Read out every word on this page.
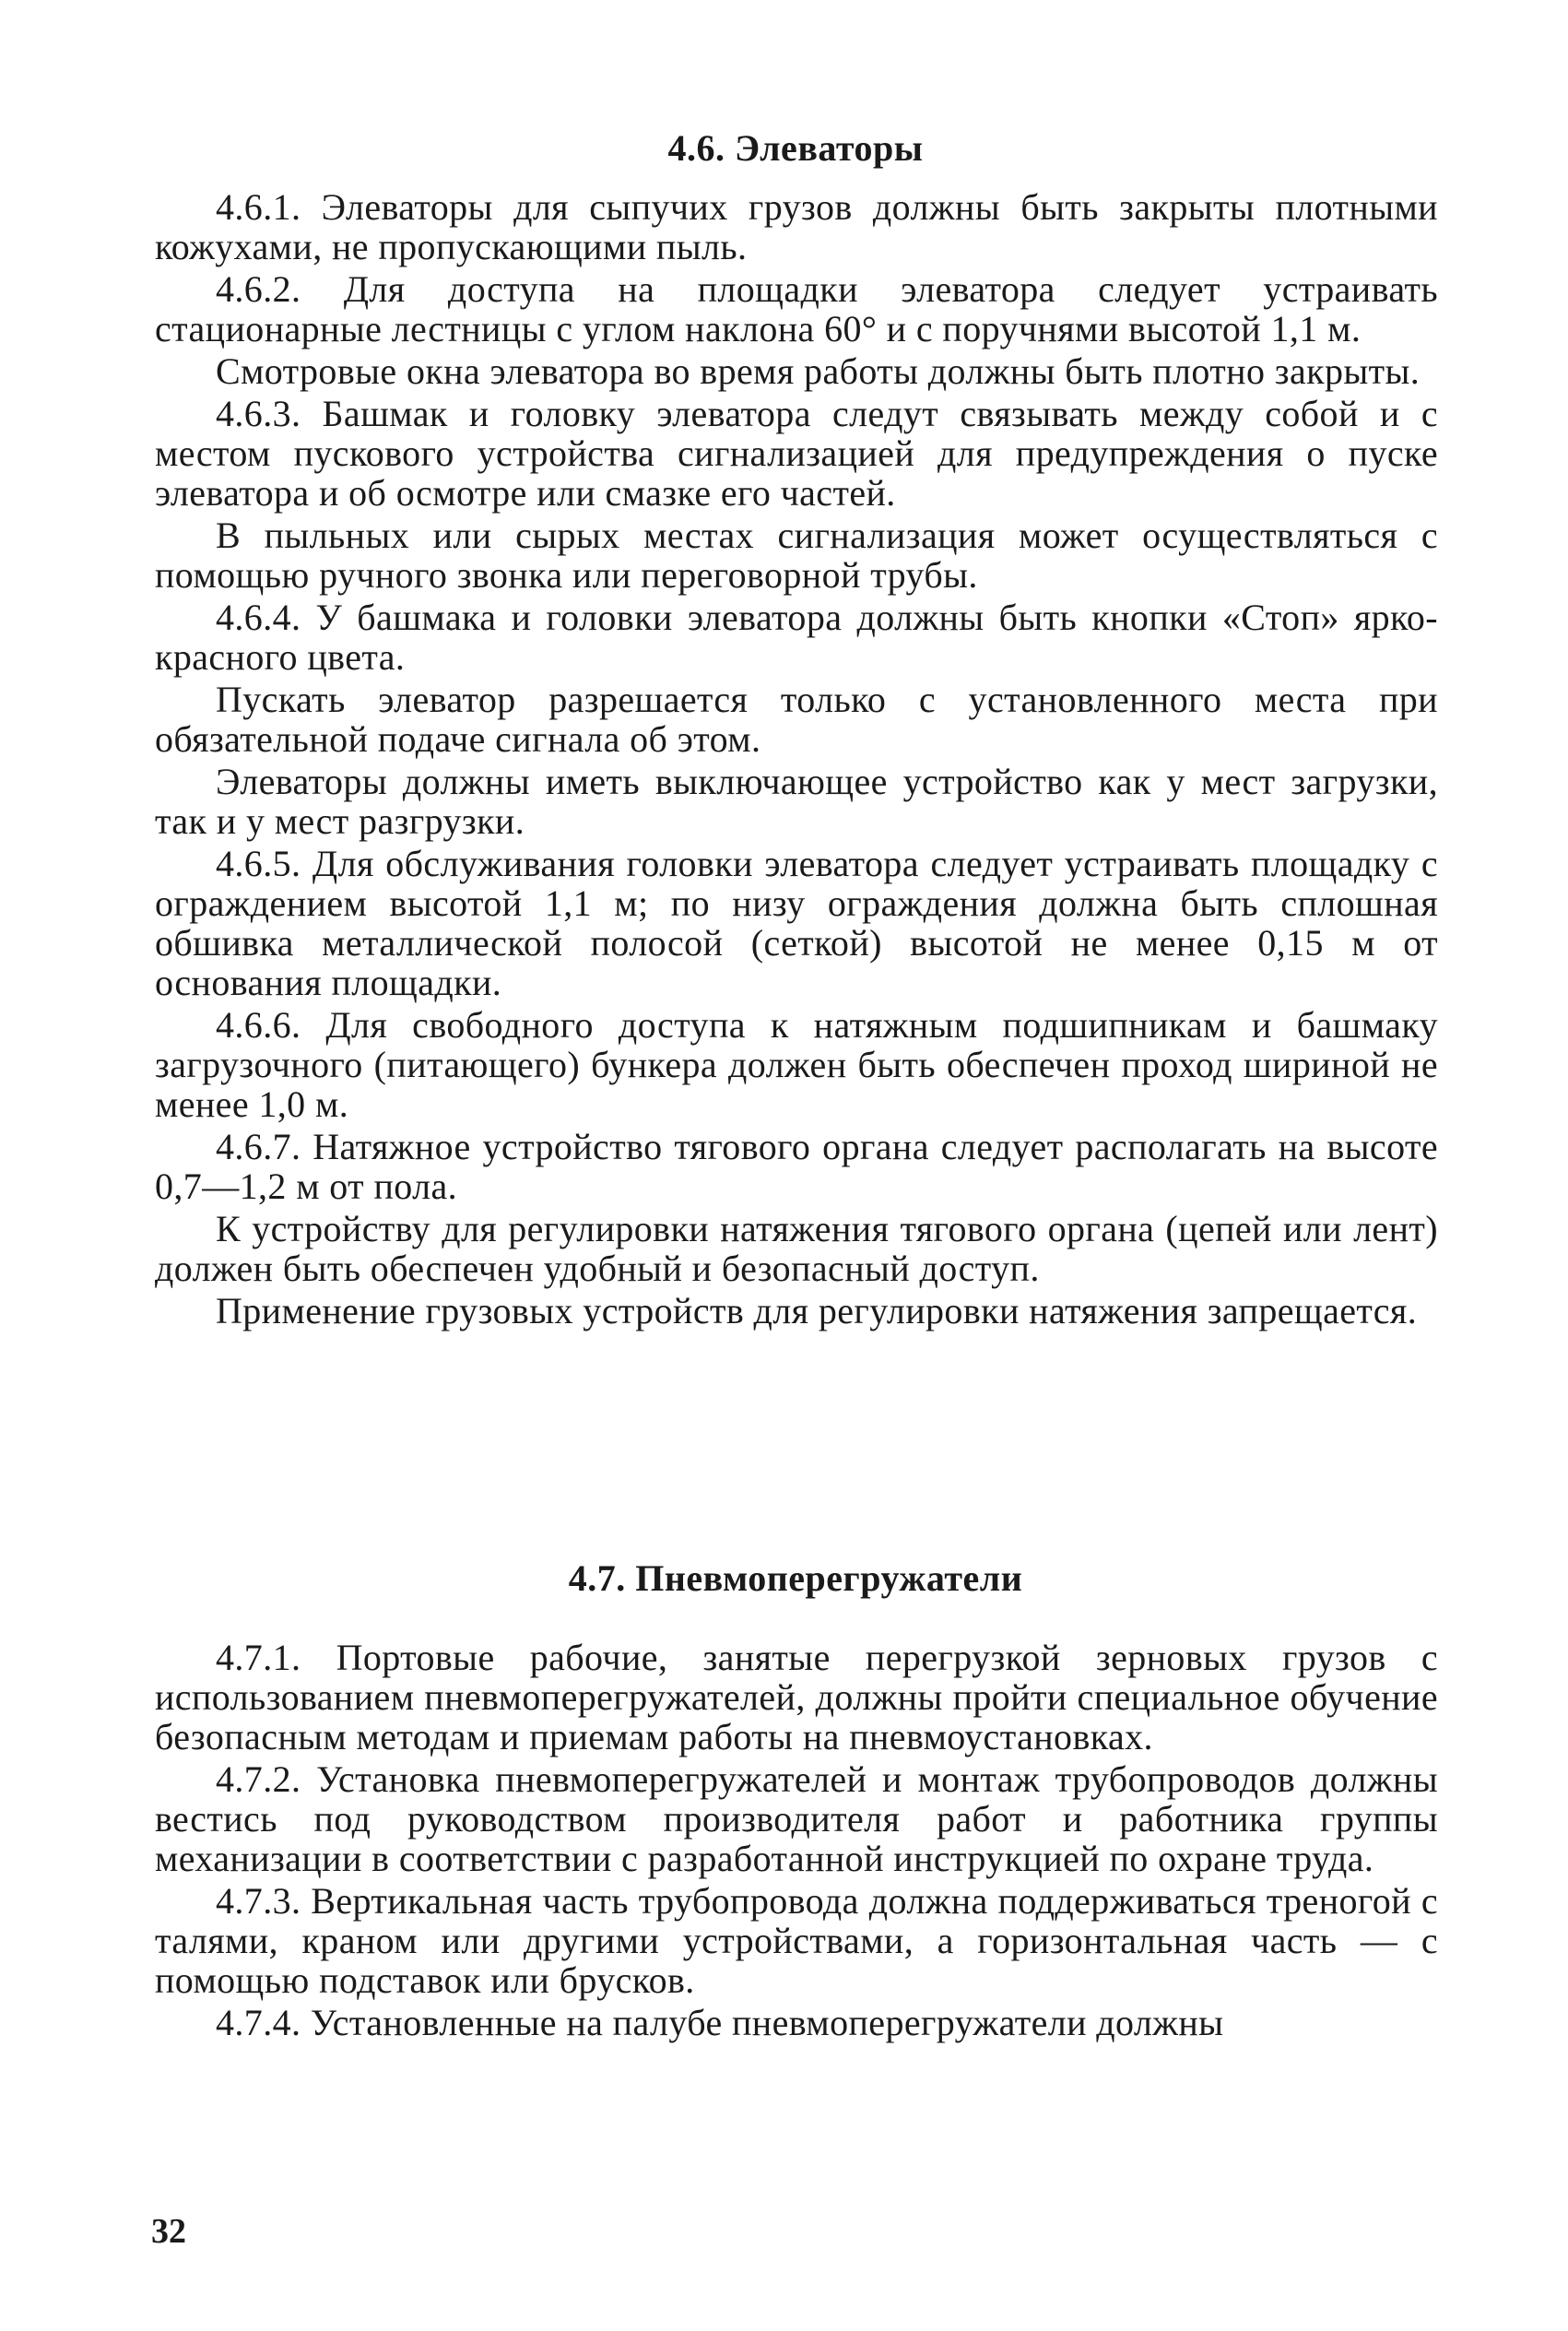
4.6. Элеваторы

4.6.1. Элеваторы для сыпучих грузов должны быть закрыты плотными кожухами, не пропускающими пыль.

4.6.2. Для доступа на площадки элеватора следует устраивать стационарные лестницы с углом наклона 60° и с поручнями высотой 1,1 м.

Смотровые окна элеватора во время работы должны быть плотно закрыты.

4.6.3. Башмак и головку элеватора следут связывать между собой и с местом пускового устройства сигнализацией для предупреждения о пуске элеватора и об осмотре или смазке его частей.

В пыльных или сырых местах сигнализация может осуществляться с помощью ручного звонка или переговорной трубы.

4.6.4. У башмака и головки элеватора должны быть кнопки «Стоп» ярко-красного цвета.

Пускать элеватор разрешается только с установленного места при обязательной подаче сигнала об этом.

Элеваторы должны иметь выключающее устройство как у мест загрузки, так и у мест разгрузки.

4.6.5. Для обслуживания головки элеватора следует устраивать площадку с ограждением высотой 1,1 м; по низу ограждения должна быть сплошная обшивка металлической полосой (сеткой) высотой не менее 0,15 м от основания площадки.

4.6.6. Для свободного доступа к натяжным подшипникам и башмаку загрузочного (питающего) бункера должен быть обеспечен проход шириной не менее 1,0 м.

4.6.7. Натяжное устройство тягового органа следует располагать на высоте 0,7—1,2 м от пола.

К устройству для регулировки натяжения тягового органа (цепей или лент) должен быть обеспечен удобный и безопасный доступ.

Применение грузовых устройств для регулировки натяжения запрещается.

4.7. Пневмоперегружатели

4.7.1. Портовые рабочие, занятые перегрузкой зерновых грузов с использованием пневмоперегружателей, должны пройти специальное обучение безопасным методам и приемам работы на пневмоустановках.

4.7.2. Установка пневмоперегружателей и монтаж трубопроводов должны вестись под руководством производителя работ и работника группы механизации в соответствии с разработанной инструкцией по охране труда.

4.7.3. Вертикальная часть трубопровода должна поддерживаться треногой с талями, краном или другими устройствами, а горизонтальная часть — с помощью подставок или брусков.

4.7.4. Установленные на палубе пневмоперегружатели должны

32
